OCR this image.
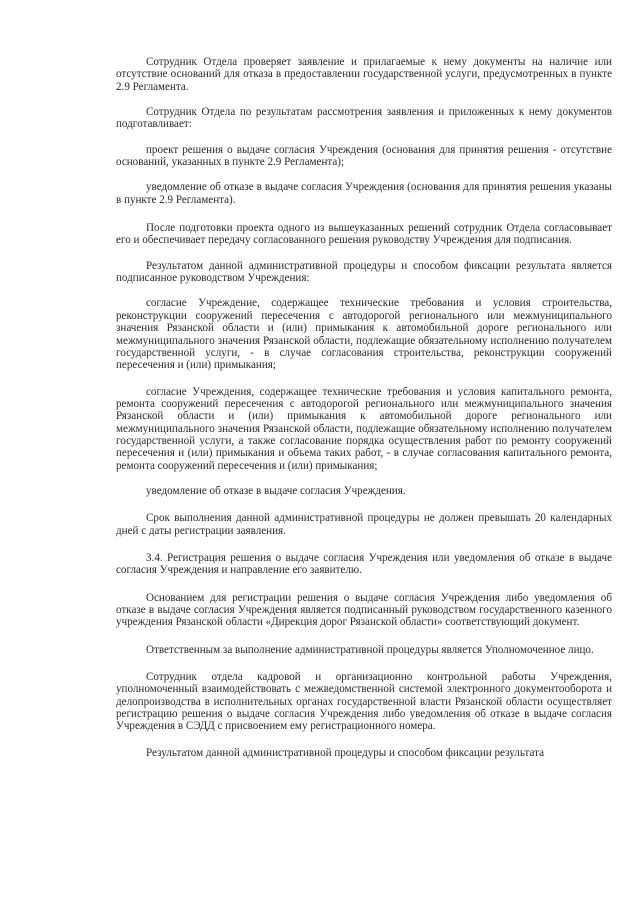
Сотрудник Отдела проверяет заявление и прилагаемые к нему документы на наличие или отсутствие оснований для отказа в предоставлении государственной услуги, предусмотренных в пункте 2.9 Регламента.

Сотрудник Отдела по результатам рассмотрения заявления и приложенных к нему документов подготавливает:

проект решения о выдаче согласия Учреждения (основания для принятия решения - отсутствие оснований, указанных в пункте 2.9 Регламента);

уведомление об отказе в выдаче согласия Учреждения (основания для принятия решения указаны в пункте 2.9 Регламента).

После подготовки проекта одного из вышеуказанных решений сотрудник Отдела согласовывает его и обеспечивает передачу согласованного решения руководству Учреждения для подписания.

Результатом данной административной процедуры и способом фиксации результата является подписанное руководством Учреждения:

согласие Учреждение, содержащее технические требования и условия строительства, реконструкции сооружений пересечения с автодорогой регионального или межмуниципального значения Рязанской области и (или) примыкания к автомобильной дороге регионального или межмуниципального значения Рязанской области, подлежащие обязательному исполнению получателем государственной услуги, - в случае согласования строительства, реконструкции сооружений пересечения и (или) примыкания;

согласие Учреждения, содержащее технические требования и условия капитального ремонта, ремонта сооружений пересечения с автодорогой регионального или межмуниципального значения Рязанской области и (или) примыкания к автомобильной дороге регионального или межмуниципального значения Рязанской области, подлежащие обязательному исполнению получателем государственной услуги, а также согласование порядка осуществления работ по ремонту сооружений пересечения и (или) примыкания и объема таких работ, - в случае согласования капитального ремонта, ремонта сооружений пересечения и (или) примыкания;

уведомление об отказе в выдаче согласия Учреждения.

Срок выполнения данной административной процедуры не должен превышать 20 календарных дней с даты регистрации заявления.

3.4. Регистрация решения о выдаче согласия Учреждения или уведомления об отказе в выдаче согласия Учреждения и направление его заявителю.

Основанием для регистрации решения о выдаче согласия Учреждения либо уведомления об отказе в выдаче согласия Учреждения является подписанный руководством государственного казенного учреждения Рязанской области «Дирекция дорог Рязанской области» соответствующий документ.

Ответственным за выполнение административной процедуры является Уполномоченное лицо.

Сотрудник отдела кадровой и организационно контрольной работы Учреждения, уполномоченный взаимодействовать с межведомственной системой электронного документооборота и делопроизводства в исполнительных органах государственной власти Рязанской области осуществляет регистрацию решения о выдаче согласия Учреждения либо уведомления об отказе в выдаче согласия Учреждения в СЭДД с присвоением ему регистрационного номера.

Результатом данной административной процедуры и способом фиксации результата
